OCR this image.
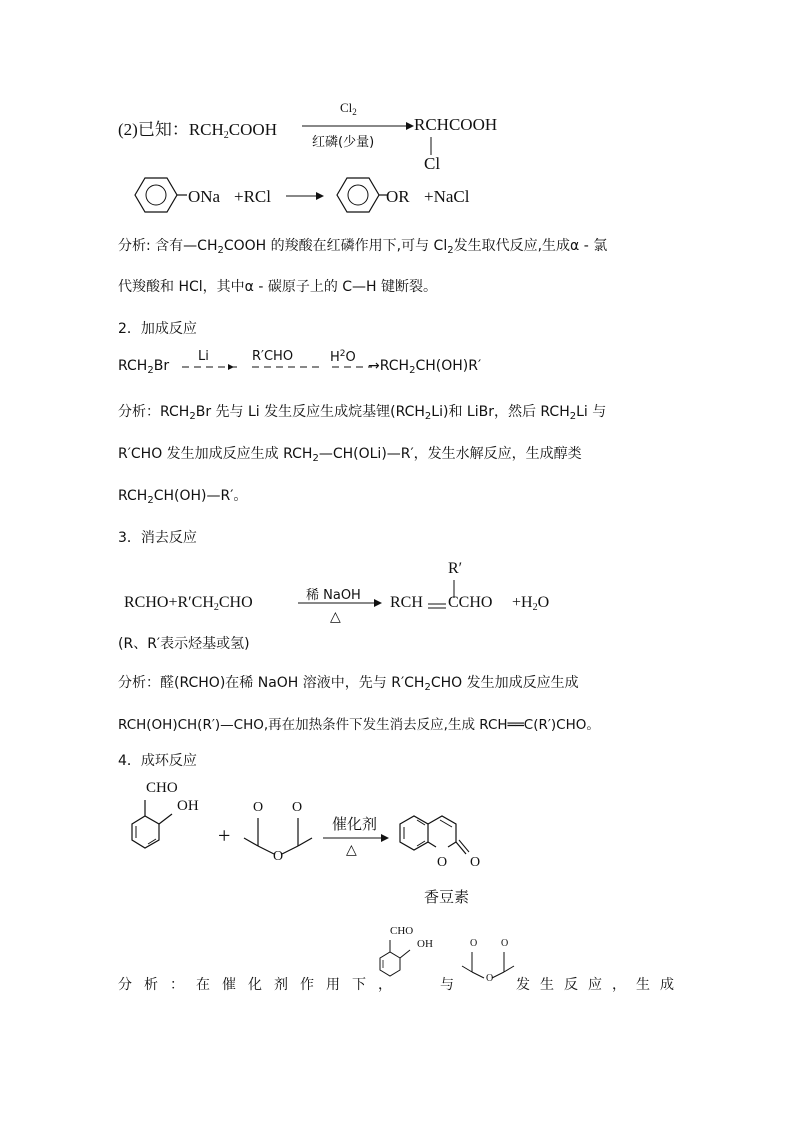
(2)已知：$RCH_2COOH$
$Cl_2$
红磷(少量)
RCHCOOH
Cl
ONa +RCl	OR +NaCl
分析: 含有$—CH_2COOH$ 的羧酸在红磷作用下,可与 $Cl_2$发生取代反应,生成α - 氯
代羧酸和 HCl，其中α - 碳原子上的 C—H 键断裂。
2．加成反应
$RCH_2Br$
Li	R′CHO	$H^2O$
$\to RCH_2CH(OH)R'$
分析：$RCH_2Br$ 先与 Li 发生反应生成烷基锂$(RCH_2Li)$和 LiBr，然后 $RCH_2Li$ 与
R′CHO 发生加成反应生成 $RCH_2—CH(OLi)—R'$，发生水解反应，生成醇类
$RCH_2CH(OH)—R'$。
3．消去反应
$RCHO+R'CH_2CHO$	稀 NaOH
△
R′
RCH CCHO $+H_2O$
(R、R′表示烃基或氢)
分析：醛(RCHO)在稀 NaOH 溶液中，先与 $R'CH_2CHO$ 发生加成反应生成
RCH(OH)CH(R′)—CHO,再在加热条件下发生消去反应,生成 RCH══C(R′)CHO。
4．成环反应
CHO
OH
+
O O
O
催化剂
△
O O
香豆素
分析：在催化剂作用下，
CHO
OH
与
O O
O 发生反应，生成
